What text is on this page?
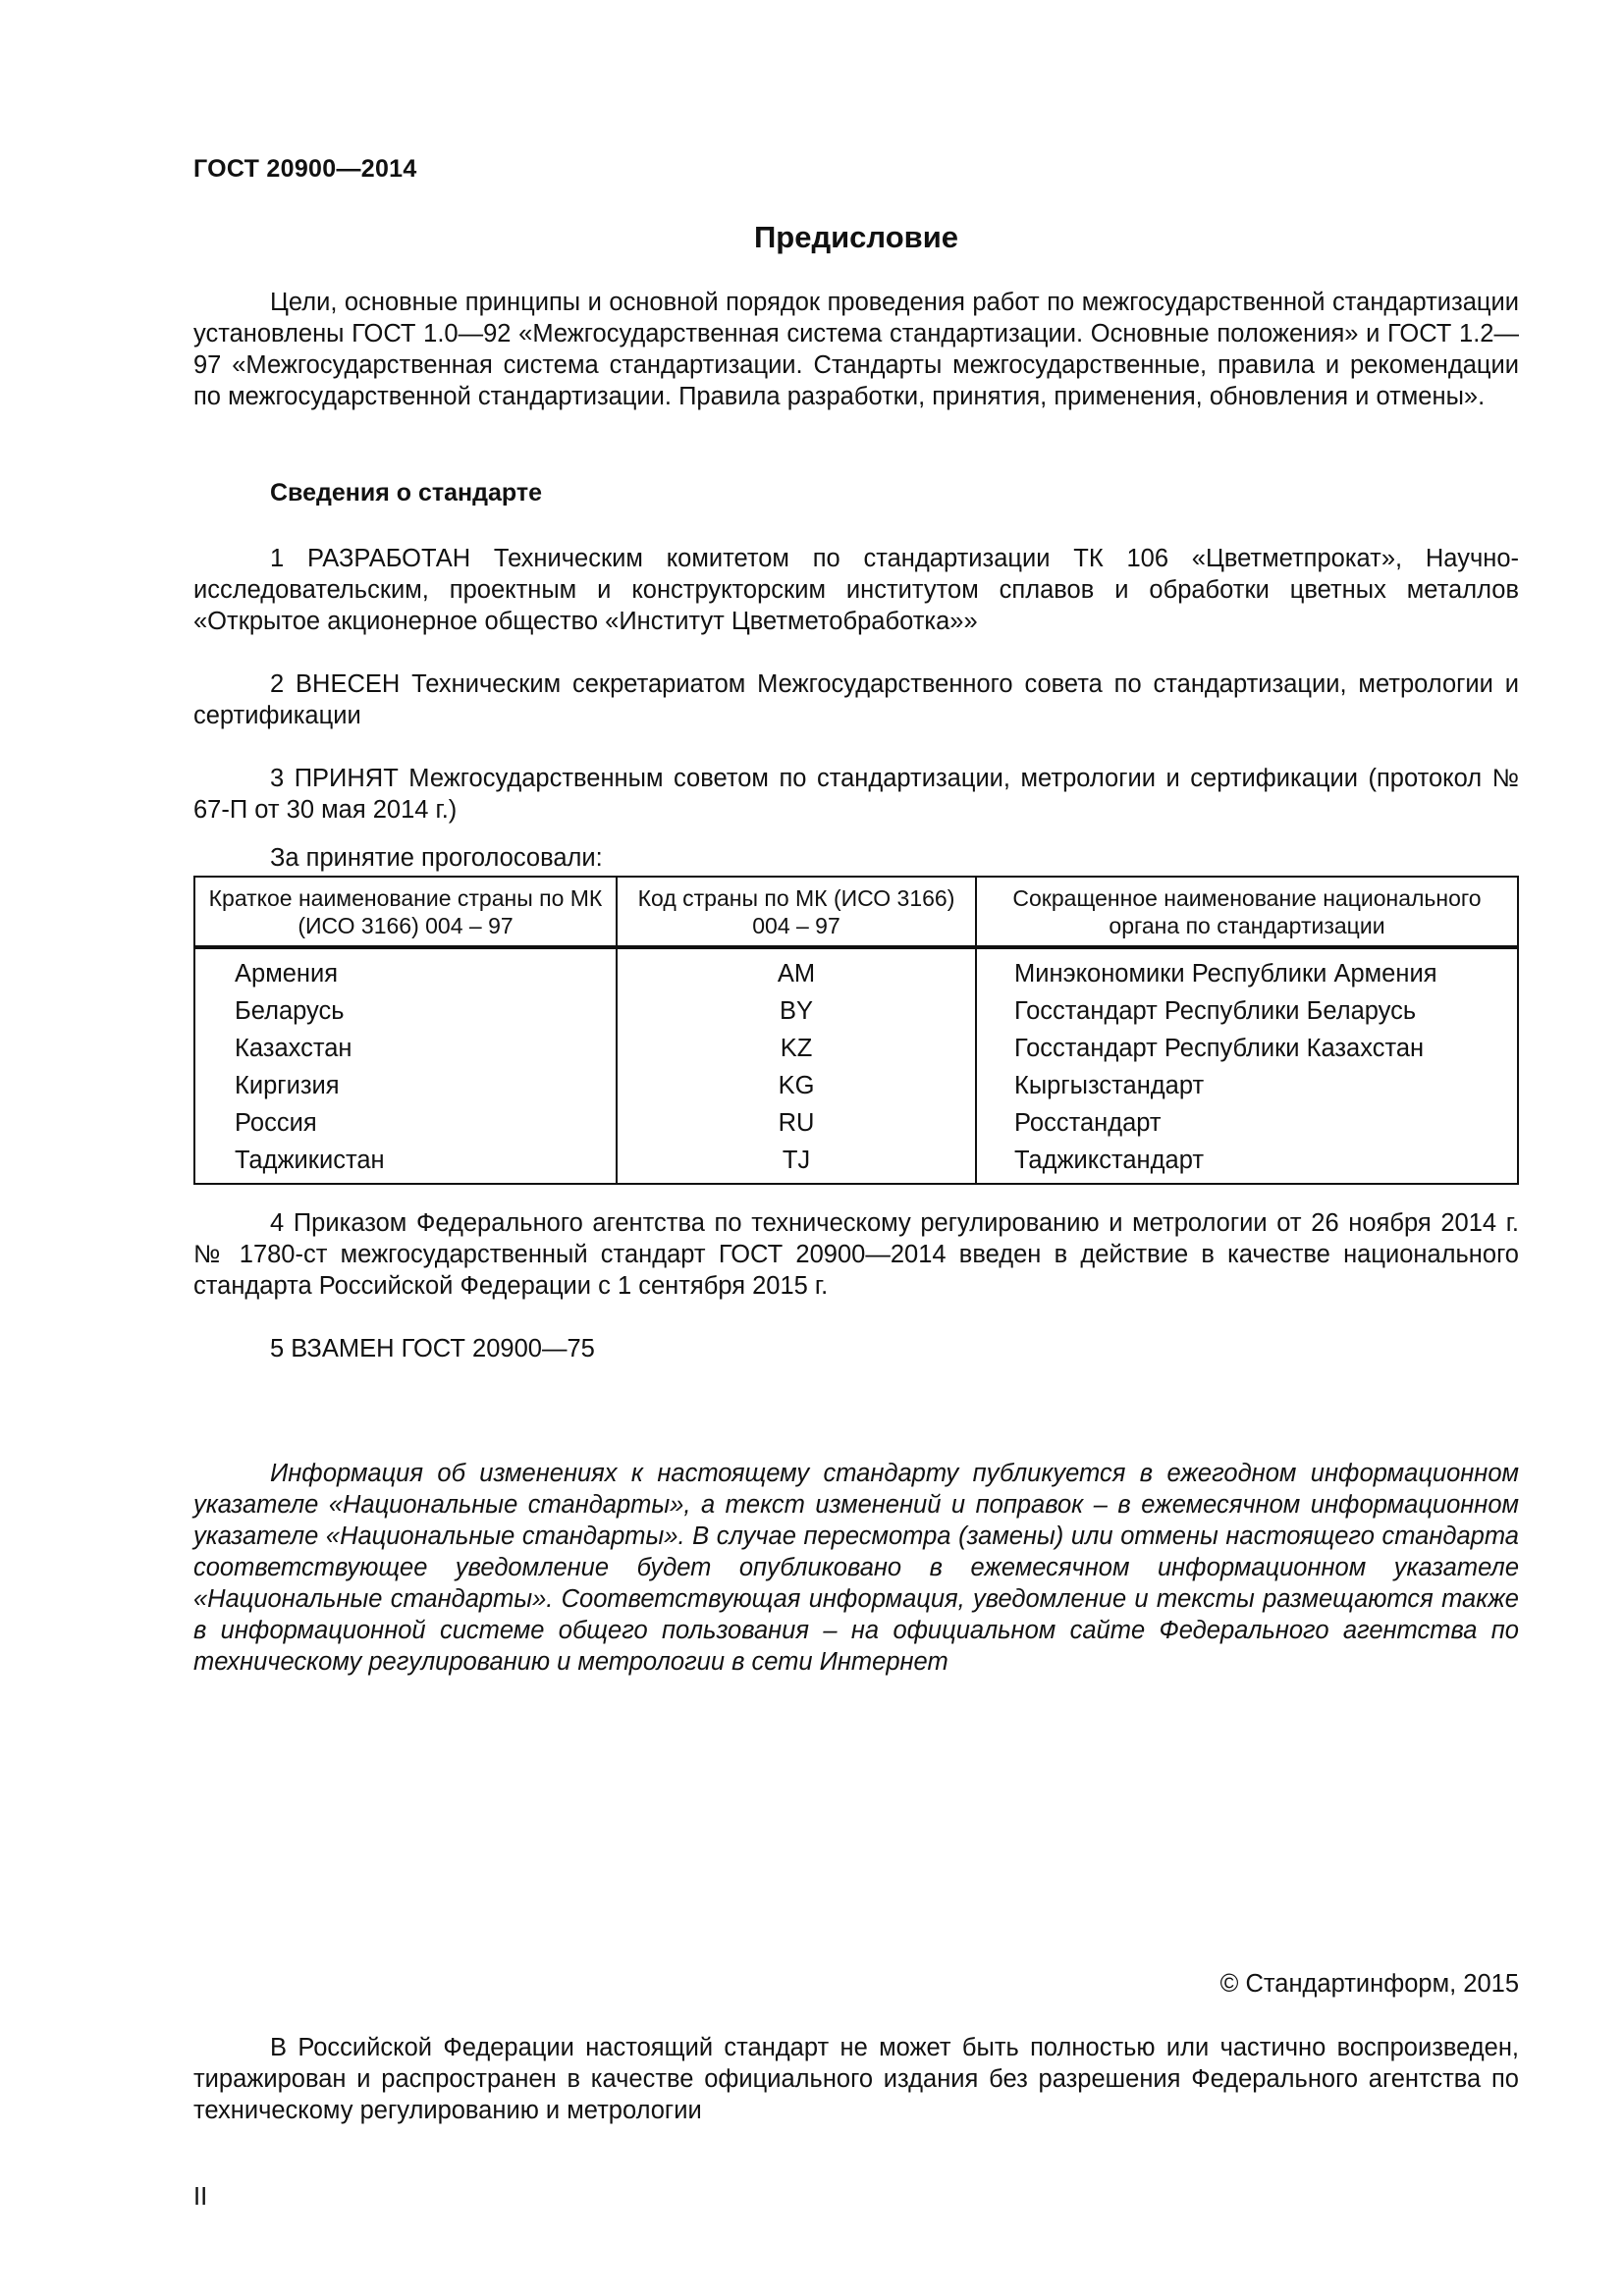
ГОСТ 20900—2014
Предисловие

Цели, основные принципы и основной порядок проведения работ по межгосударственной стандартизации установлены ГОСТ 1.0—92 «Межгосударственная система стандартизации. Основные положения» и ГОСТ 1.2—97 «Межгосударственная система стандартизации. Стандарты межгосударственные, правила и рекомендации по межгосударственной стандартизации. Правила разработки, принятия, применения, обновления и отмены».

Сведения о стандарте

1 РАЗРАБОТАН Техническим комитетом по стандартизации ТК 106 «Цветметпрокат», Научно-исследовательским, проектным и конструкторским институтом сплавов и обработки цветных металлов «Открытое акционерное общество «Институт Цветметобработка»»

2 ВНЕСЕН Техническим секретариатом Межгосударственного совета по стандартизации, метрологии и сертификации

3 ПРИНЯТ Межгосударственным советом по стандартизации, метрологии и сертификации (протокол № 67-П от 30 мая 2014 г.)

За принятие проголосовали:
Краткое наименование страны по МК (ИСО 3166) 004 – 97	Код страны по МК (ИСО 3166) 004 – 97	Сокращенное наименование национального органа по стандартизации
Армения	AM	Минэкономики Республики Армения
Беларусь	BY	Госстандарт Республики Беларусь
Казахстан	KZ	Госстандарт Республики Казахстан
Киргизия	KG	Кыргызстандарт
Россия	RU	Росстандарт
Таджикистан	TJ	Таджикстандарт

4 Приказом Федерального агентства по техническому регулированию и метрологии от 26 ноября 2014 г. № 1780-ст межгосударственный стандарт ГОСТ 20900—2014 введен в действие в качестве национального стандарта Российской Федерации с 1 сентября 2015 г.

5 ВЗАМЕН ГОСТ 20900—75

Информация об изменениях к настоящему стандарту публикуется в ежегодном информационном указателе «Национальные стандарты», а текст изменений и поправок – в ежемесячном информационном указателе «Национальные стандарты». В случае пересмотра (замены) или отмены настоящего стандарта соответствующее уведомление будет опубликовано в ежемесячном информационном указателе «Национальные стандарты». Соответствующая информация, уведомление и тексты размещаются также в информационной системе общего пользования – на официальном сайте Федерального агентства по техническому регулированию и метрологии в сети Интернет

© Стандартинформ, 2015

В Российской Федерации настоящий стандарт не может быть полностью или частично воспроизведен, тиражирован и распространен в качестве официального издания без разрешения Федерального агентства по техническому регулированию и метрологии

II
